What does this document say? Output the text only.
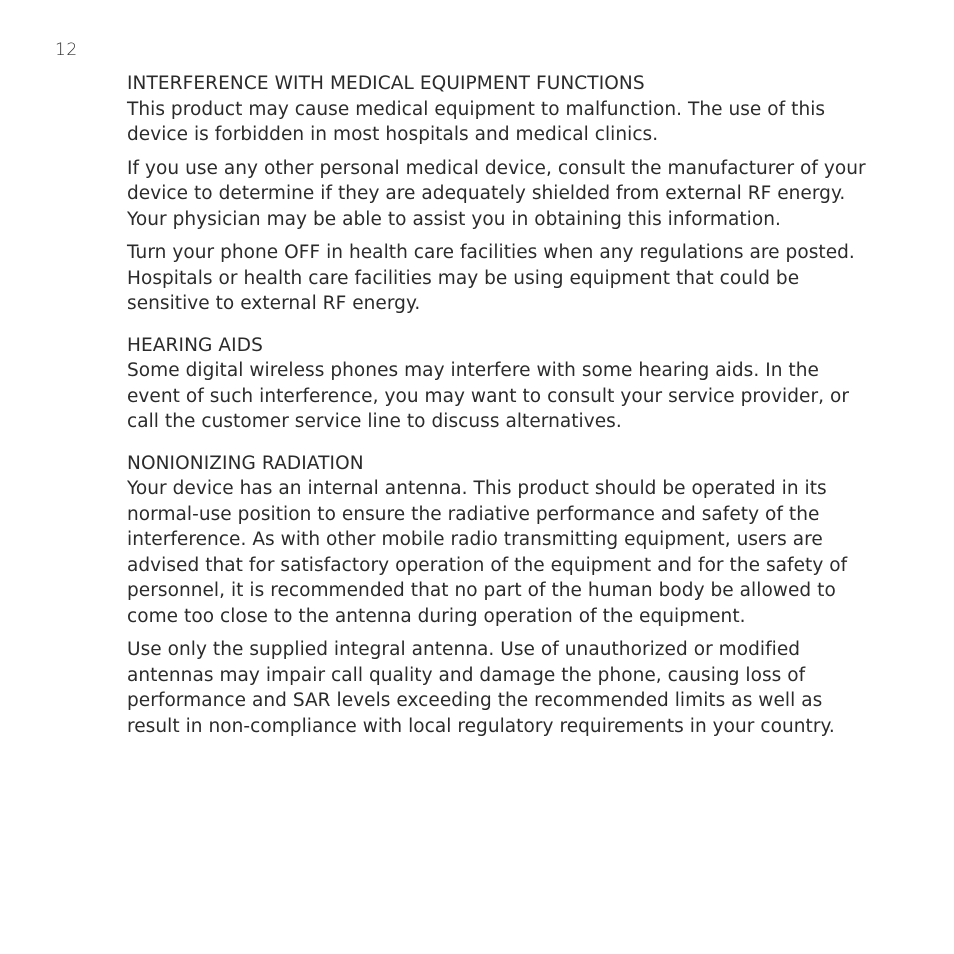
12
INTERFERENCE WITH MEDICAL EQUIPMENT FUNCTIONS

This product may cause medical equipment to malfunction. The use of this device is forbidden in most hospitals and medical clinics.

If you use any other personal medical device, consult the manufacturer of your device to determine if they are adequately shielded from external RF energy. Your physician may be able to assist you in obtaining this information.

Turn your phone OFF in health care facilities when any regulations are posted. Hospitals or health care facilities may be using equipment that could be sensitive to external RF energy.

HEARING AIDS

Some digital wireless phones may interfere with some hearing aids. In the event of such interference, you may want to consult your service provider, or call the customer service line to discuss alternatives.

NONIONIZING RADIATION

Your device has an internal antenna. This product should be operated in its normal-use position to ensure the radiative performance and safety of the interference. As with other mobile radio transmitting equipment, users are advised that for satisfactory operation of the equipment and for the safety of personnel, it is recommended that no part of the human body be allowed to come too close to the antenna during operation of the equipment.

Use only the supplied integral antenna. Use of unauthorized or modified antennas may impair call quality and damage the phone, causing loss of performance and SAR levels exceeding the recommended limits as well as result in non-compliance with local regulatory requirements in your country.
